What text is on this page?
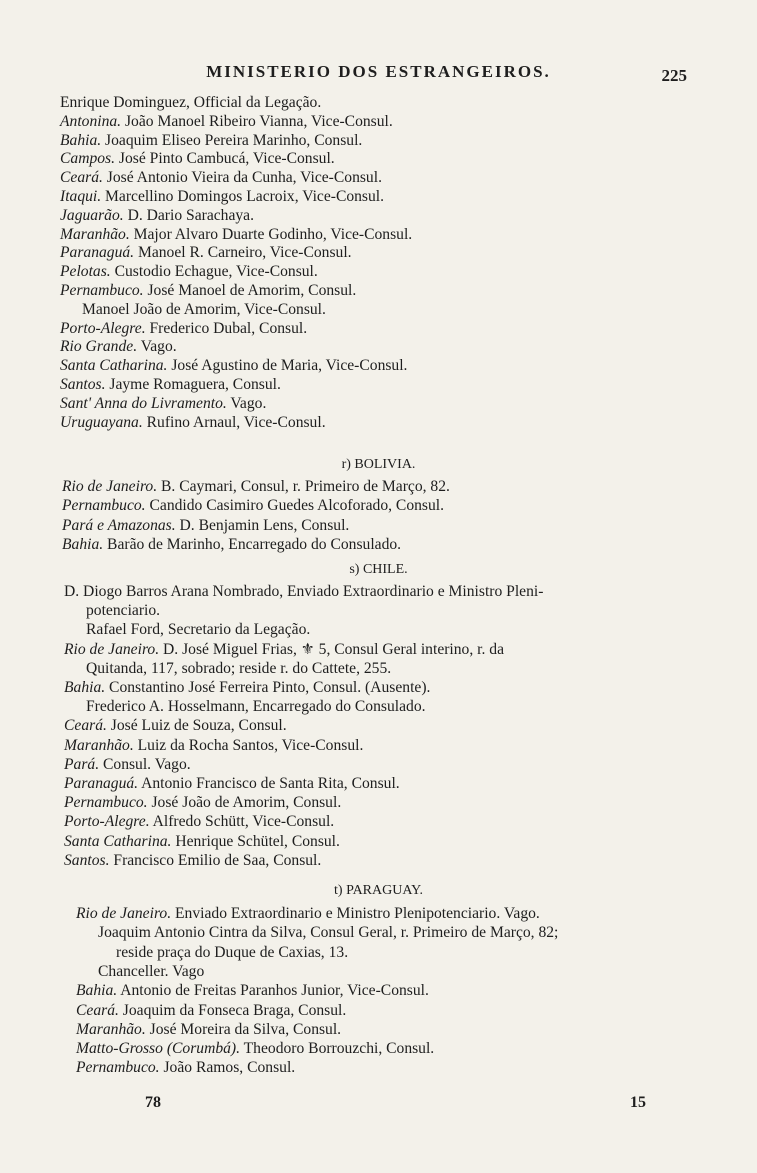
MINISTERIO DOS ESTRANGEIROS.	225
Enrique Dominguez, Official da Legação.
Antonina. João Manoel Ribeiro Vianna, Vice-Consul.
Bahia. Joaquim Eliseo Pereira Marinho, Consul.
Campos. José Pinto Cambucá, Vice-Consul.
Ceará. José Antonio Vieira da Cunha, Vice-Consul.
Itaqui. Marcellino Domingos Lacroix, Vice-Consul.
Jaguarão. D. Dario Sarachaya.
Maranhão. Major Alvaro Duarte Godinho, Vice-Consul.
Paranaguá. Manoel R. Carneiro, Vice-Consul.
Pelotas. Custodio Echague, Vice-Consul.
Pernambuco. José Manoel de Amorim, Consul.
Manoel João de Amorim, Vice-Consul.
Porto-Alegre. Frederico Dubal, Consul.
Rio Grande. Vago.
Santa Catharina. José Agustino de Maria, Vice-Consul.
Santos. Jayme Romaguera, Consul.
Sant' Anna do Livramento. Vago.
Uruguayana. Rufino Arnaul, Vice-Consul.
r) BOLIVIA.
Rio de Janeiro. B. Caymari, Consul, r. Primeiro de Março, 82.
Pernambuco. Candido Casimiro Guedes Alcoforado, Consul.
Pará e Amazonas. D. Benjamin Lens, Consul.
Bahia. Barão de Marinho, Encarregado do Consulado.
s) CHILE.
D. Diogo Barros Arana Nombrado, Enviado Extraordinario e Ministro Pleni-
potenciario.
Rafael Ford, Secretario da Legação.
Rio de Janeiro. D. José Miguel Frias, ⚜ 5, Consul Geral interino, r. da
Quitanda, 117, sobrado; reside r. do Cattete, 255.
Bahia. Constantino José Ferreira Pinto, Consul. (Ausente).
Frederico A. Hosselmann, Encarregado do Consulado.
Ceará. José Luiz de Souza, Consul.
Maranhão. Luiz da Rocha Santos, Vice-Consul.
Pará. Consul. Vago.
Paranaguá. Antonio Francisco de Santa Rita, Consul.
Pernambuco. José João de Amorim, Consul.
Porto-Alegre. Alfredo Schütt, Vice-Consul.
Santa Catharina. Henrique Schütel, Consul.
Santos. Francisco Emilio de Saa, Consul.
t) PARAGUAY.
Rio de Janeiro. Enviado Extraordinario e Ministro Plenipotenciario. Vago.
Joaquim Antonio Cintra da Silva, Consul Geral, r. Primeiro de Março, 82;
reside praça do Duque de Caxias, 13.
Chanceller. Vago
Bahia. Antonio de Freitas Paranhos Junior, Vice-Consul.
Ceará. Joaquim da Fonseca Braga, Consul.
Maranhão. José Moreira da Silva, Consul.
Matto-Grosso (Corumbá). Theodoro Borrouzchi, Consul.
Pernambuco. João Ramos, Consul.
78	15
